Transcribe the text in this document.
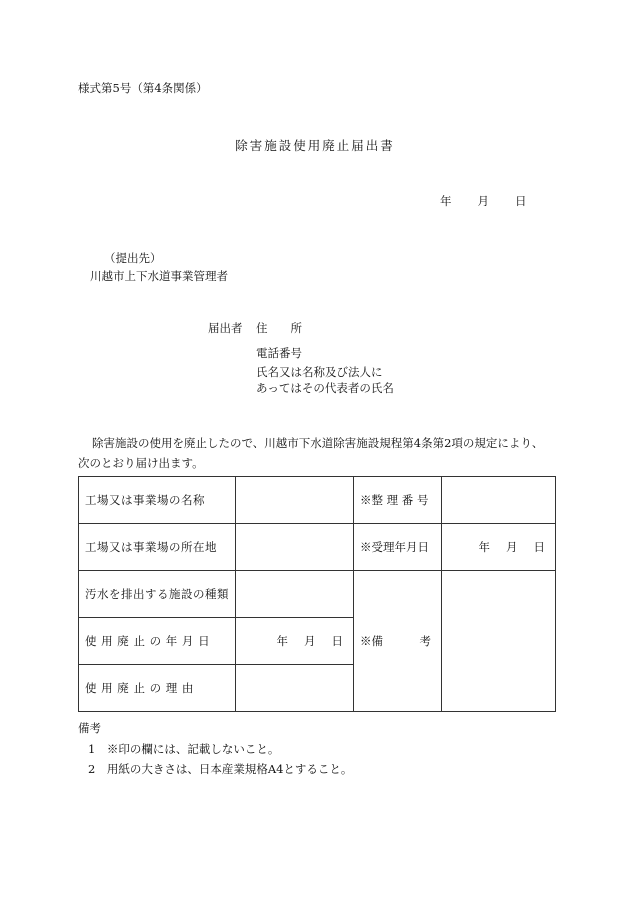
様式第5号（第4条関係）
除害施設使用廃止届出書
年 月 日
（提出先）
川越市上下水道事業管理者
届出者 住　　所
電話番号
氏名又は名称及び法人に
あってはその代表者の氏名
除害施設の使用を廃止したので、川越市下水道除害施設規程第4条第2項の規定により、
次のとおり届け出ます。
工場又は事業場の名称		※整 理 番 号	
工場又は事業場の所在地		※受理年月日	年 月 日

汚水を排出する施設の種類		※備 考	

使 用 廃 止 の 年 月 日	年 月 日		

使 用 廃 止 の 理 由			
備考
1　※印の欄には、記載しないこと。
2　用紙の大きさは、日本産業規格A4とすること。
